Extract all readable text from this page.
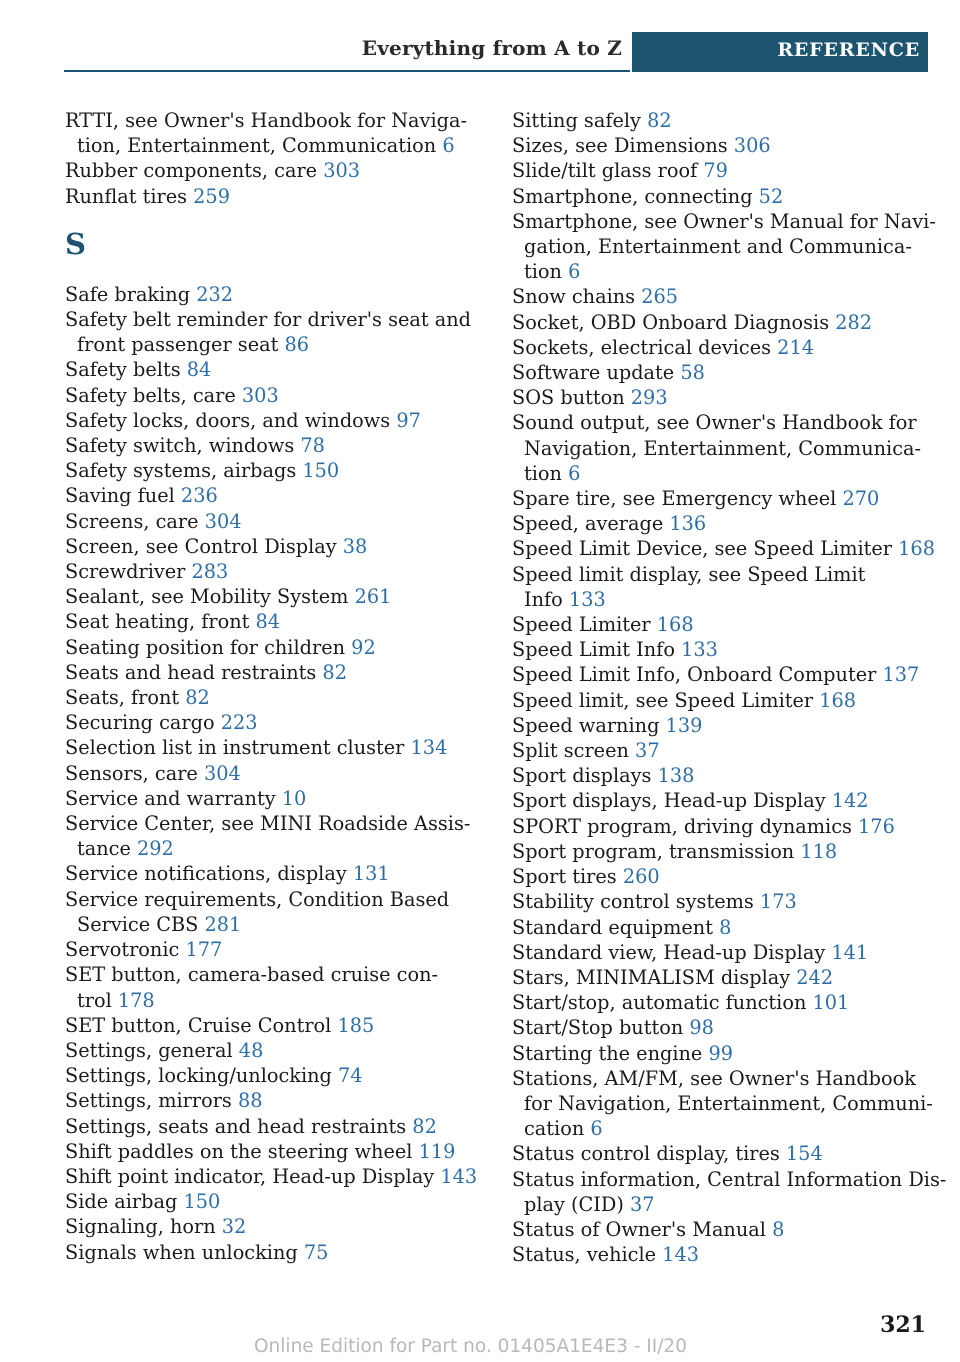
Everything from A to Z	REFERENCE
RTTI, see Owner's Handbook for Naviga-
tion, Entertainment, Communication 6
Rubber components, care 303
Runflat tires 259
S
Safe braking 232
Safety belt reminder for driver's seat and
front passenger seat 86
Safety belts 84
Safety belts, care 303
Safety locks, doors, and windows 97
Safety switch, windows 78
Safety systems, airbags 150
Saving fuel 236
Screens, care 304
Screen, see Control Display 38
Screwdriver 283
Sealant, see Mobility System 261
Seat heating, front 84
Seating position for children 92
Seats and head restraints 82
Seats, front 82
Securing cargo 223
Selection list in instrument cluster 134
Sensors, care 304
Service and warranty 10
Service Center, see MINI Roadside Assis-
tance 292
Service notifications, display 131
Service requirements, Condition Based
Service CBS 281
Servotronic 177
SET button, camera-based cruise con-
trol 178
SET button, Cruise Control 185
Settings, general 48
Settings, locking/unlocking 74
Settings, mirrors 88
Settings, seats and head restraints 82
Shift paddles on the steering wheel 119
Shift point indicator, Head-up Display 143
Side airbag 150
Signaling, horn 32
Signals when unlocking 75
Sitting safely 82
Sizes, see Dimensions 306
Slide/tilt glass roof 79
Smartphone, connecting 52
Smartphone, see Owner's Manual for Navi-
gation, Entertainment and Communica-
tion 6
Snow chains 265
Socket, OBD Onboard Diagnosis 282
Sockets, electrical devices 214
Software update 58
SOS button 293
Sound output, see Owner's Handbook for
Navigation, Entertainment, Communica-
tion 6
Spare tire, see Emergency wheel 270
Speed, average 136
Speed Limit Device, see Speed Limiter 168
Speed limit display, see Speed Limit
Info 133
Speed Limiter 168
Speed Limit Info 133
Speed Limit Info, Onboard Computer 137
Speed limit, see Speed Limiter 168
Speed warning 139
Split screen 37
Sport displays 138
Sport displays, Head-up Display 142
SPORT program, driving dynamics 176
Sport program, transmission 118
Sport tires 260
Stability control systems 173
Standard equipment 8
Standard view, Head-up Display 141
Stars, MINIMALISM display 242
Start/stop, automatic function 101
Start/Stop button 98
Starting the engine 99
Stations, AM/FM, see Owner's Handbook
for Navigation, Entertainment, Communi-
cation 6
Status control display, tires 154
Status information, Central Information Dis-
play (CID) 37
Status of Owner's Manual 8
Status, vehicle 143
Online Edition for Part no. 01405A1E4E3 - II/20
321
